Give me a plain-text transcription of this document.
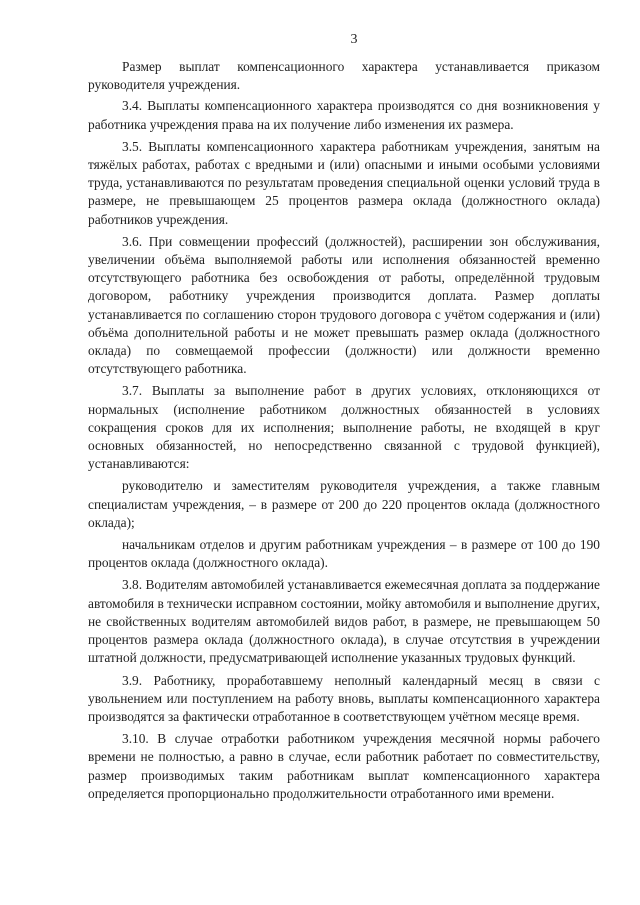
3

Размер выплат компенсационного характера устанавливается приказом руководителя учреждения.

3.4. Выплаты компенсационного характера производятся со дня возникновения у работника учреждения права на их получение либо изменения их размера.

3.5. Выплаты компенсационного характера работникам учреждения, занятым на тяжёлых работах, работах с вредными и (или) опасными и иными особыми условиями труда, устанавливаются по результатам проведения специальной оценки условий труда в размере, не превышающем 25 процентов размера оклада (должностного оклада) работников учреждения.

3.6. При совмещении профессий (должностей), расширении зон обслуживания, увеличении объёма выполняемой работы или исполнения обязанностей временно отсутствующего работника без освобождения от работы, определённой трудовым договором, работнику учреждения производится доплата. Размер доплаты устанавливается по соглашению сторон трудового договора с учётом содержания и (или) объёма дополнительной работы и не может превышать размер оклада (должностного оклада) по совмещаемой профессии (должности) или должности временно отсутствующего работника.

3.7. Выплаты за выполнение работ в других условиях, отклоняющихся от нормальных (исполнение работником должностных обязанностей в условиях сокращения сроков для их исполнения; выполнение работы, не входящей в круг основных обязанностей, но непосредственно связанной с трудовой функцией), устанавливаются:

руководителю и заместителям руководителя учреждения, а также главным специалистам учреждения, – в размере от 200 до 220 процентов оклада (должностного оклада);

начальникам отделов и другим работникам учреждения – в размере от 100 до 190 процентов оклада (должностного оклада).

3.8. Водителям автомобилей устанавливается ежемесячная доплата за поддержание автомобиля в технически исправном состоянии, мойку автомобиля и выполнение других, не свойственных водителям автомобилей видов работ, в размере, не превышающем 50 процентов размера оклада (должностного оклада), в случае отсутствия в учреждении штатной должности, предусматривающей исполнение указанных трудовых функций.

3.9. Работнику, проработавшему неполный календарный месяц в связи с увольнением или поступлением на работу вновь, выплаты компенсационного характера производятся за фактически отработанное в соответствующем учётном месяце время.

3.10. В случае отработки работником учреждения месячной нормы рабочего времени не полностью, а равно в случае, если работник работает по совместительству, размер производимых таким работникам выплат компенсационного характера определяется пропорционально продолжительности отработанного ими времени.
